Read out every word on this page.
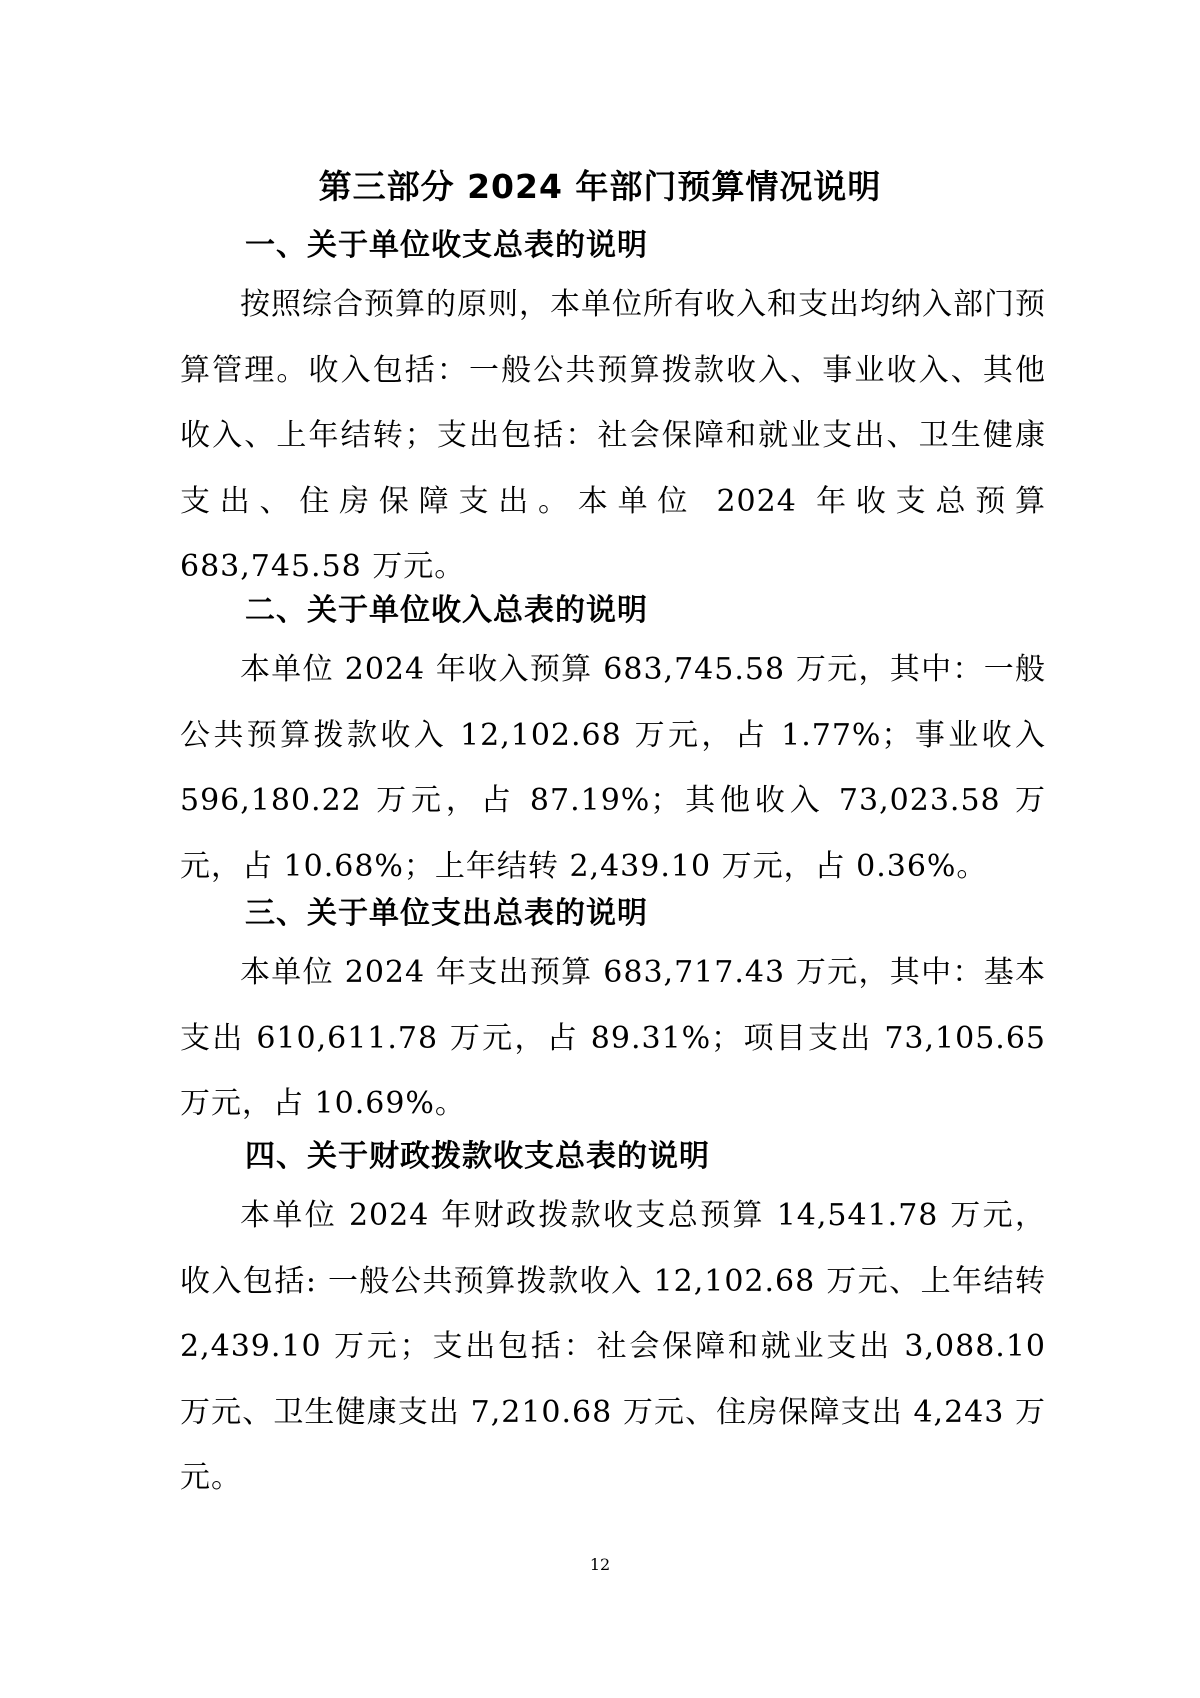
第三部分 2024 年部门预算情况说明
一、关于单位收支总表的说明
按照综合预算的原则，本单位所有收入和支出均纳入部门预算管理。收入包括：一般公共预算拨款收入、事业收入、其他收入、上年结转；支出包括：社会保障和就业支出、卫生健康支出、住房保障支出。本单位 2024 年收支总预算 683,745.58 万元。
二、关于单位收入总表的说明
本单位 2024 年收入预算 683,745.58 万元，其中：一般公共预算拨款收入 12,102.68 万元，占 1.77%；事业收入 596,180.22 万元，占 87.19%；其他收入 73,023.58 万元，占 10.68%；上年结转 2,439.10 万元，占 0.36%。
三、关于单位支出总表的说明
本单位 2024 年支出预算 683,717.43 万元，其中：基本支出 610,611.78 万元，占 89.31%；项目支出 73,105.65 万元，占 10.69%。
四、关于财政拨款收支总表的说明
本单位 2024 年财政拨款收支总预算 14,541.78 万元，收入包括: 一般公共预算拨款收入 12,102.68 万元、上年结转 2,439.10 万元；支出包括：社会保障和就业支出 3,088.10 万元、卫生健康支出 7,210.68 万元、住房保障支出 4,243 万元。
12
